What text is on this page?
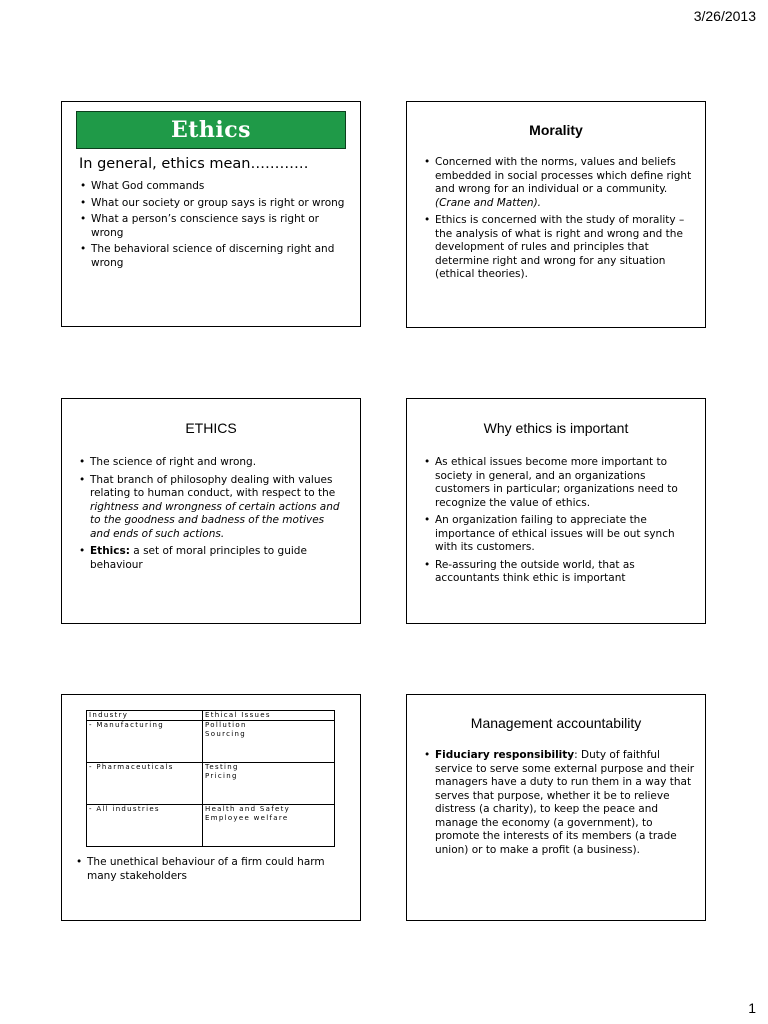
3/26/2013
Ethics
In general, ethics mean…………
• What God commands
• What our society or group says is right or wrong
• What a person’s conscience says is right or wrong
• The behavioral science of discerning right and wrong
Morality
• Concerned with the norms, values and beliefs embedded in social processes which define right and wrong for an individual or a community. (Crane and Matten).
• Ethics is concerned with the study of morality – the analysis of what is right and wrong and the development of rules and principles that determine right and wrong for any situation (ethical theories).
ETHICS
• The science of right and wrong.
• That branch of philosophy dealing with values relating to human conduct, with respect to the rightness and wrongness of certain actions and to the goodness and badness of the motives and ends of such actions.
• Ethics: a set of moral principles to guide behaviour
Why ethics is important
• As ethical issues become more important to society in general, and an organizations customers in particular; organizations need to recognize the value of ethics.
• An organization failing to appreciate the importance of ethical issues will be out synch with its customers.
• Re-assuring the outside world, that as accountants think ethic is important
Industry	Ethical Issues
- Manufacturing	Pollution
Sourcing

- Pharmaceuticals	Testing
Pricing

- All industries	Health and Safety
Employee welfare
• The unethical behaviour of a firm could harm many stakeholders
Management accountability
• Fiduciary responsibility: Duty of faithful service to serve some external purpose and their managers have a duty to run them in a way that serves that purpose, whether it be to relieve distress (a charity), to keep the peace and manage the economy (a government), to promote the interests of its members (a trade union) or to make a profit (a business).
1
